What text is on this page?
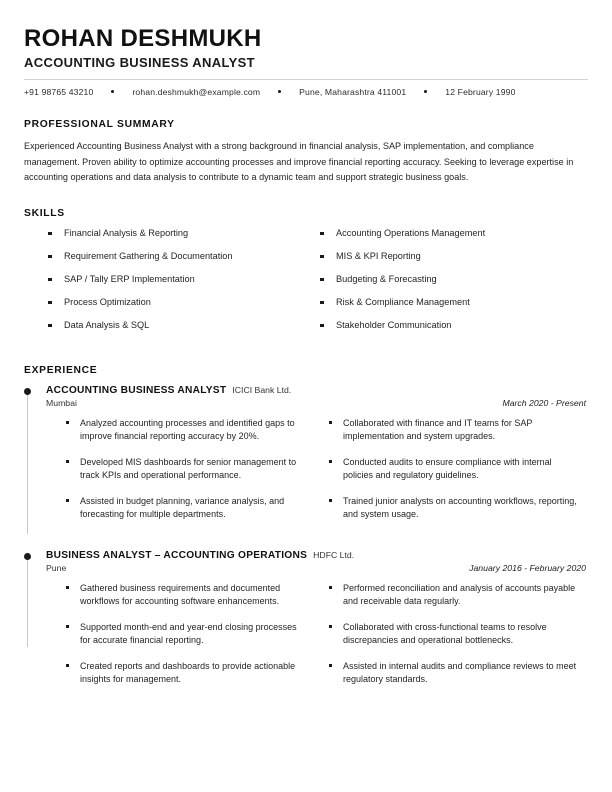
ROHAN DESHMUKH
ACCOUNTING BUSINESS ANALYST
+91 98765 43210	rohan.deshmukh@example.com	Pune, Maharashtra 411001	12 February 1990
PROFESSIONAL SUMMARY

Experienced Accounting Business Analyst with a strong background in financial analysis, SAP implementation, and compliance management. Proven ability to optimize accounting processes and improve financial reporting accuracy. Seeking to leverage expertise in accounting operations and data analysis to contribute to a dynamic team and support strategic business goals.

SKILLS
Financial Analysis & Reporting
Requirement Gathering & Documentation
SAP / Tally ERP Implementation
Process Optimization
Data Analysis & SQL
Accounting Operations Management
MIS & KPI Reporting
Budgeting & Forecasting
Risk & Compliance Management
Stakeholder Communication
EXPERIENCE
ACCOUNTING BUSINESS ANALYST ICICI Bank Ltd.
Mumbai	March 2020 - Present
Analyzed accounting processes and identified gaps to improve financial reporting accuracy by 20%.
Developed MIS dashboards for senior management to track KPIs and operational performance.
Assisted in budget planning, variance analysis, and forecasting for multiple departments.
Collaborated with finance and IT teams for SAP implementation and system upgrades.
Conducted audits to ensure compliance with internal policies and regulatory guidelines.
Trained junior analysts on accounting workflows, reporting, and system usage.
BUSINESS ANALYST – ACCOUNTING OPERATIONS HDFC Ltd.
Pune	January 2016 - February 2020
Gathered business requirements and documented workflows for accounting software enhancements.
Supported month-end and year-end closing processes for accurate financial reporting.
Created reports and dashboards to provide actionable insights for management.
Performed reconciliation and analysis of accounts payable and receivable data regularly.
Collaborated with cross-functional teams to resolve discrepancies and operational bottlenecks.
Assisted in internal audits and compliance reviews to meet regulatory standards.
